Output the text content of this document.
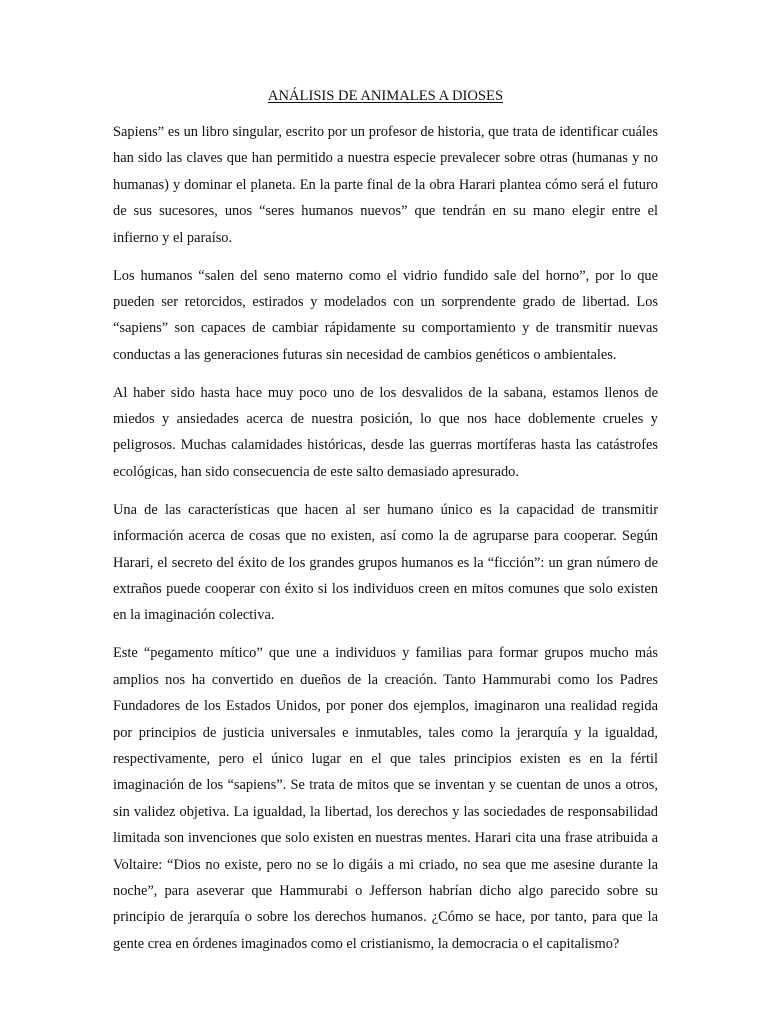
ANÁLISIS DE ANIMALES A DIOSES

Sapiens” es un libro singular, escrito por un profesor de historia, que trata de identificar cuáles han sido las claves que han permitido a nuestra especie prevalecer sobre otras (humanas y no humanas) y dominar el planeta. En la parte final de la obra Harari plantea cómo será el futuro de sus sucesores, unos “seres humanos nuevos” que tendrán en su mano elegir entre el infierno y el paraíso.

Los humanos “salen del seno materno como el vidrio fundido sale del horno”, por lo que pueden ser retorcidos, estirados y modelados con un sorprendente grado de libertad. Los “sapiens” son capaces de cambiar rápidamente su comportamiento y de transmitir nuevas conductas a las generaciones futuras sin necesidad de cambios genéticos o ambientales.

Al haber sido hasta hace muy poco uno de los desvalidos de la sabana, estamos llenos de miedos y ansiedades acerca de nuestra posición, lo que nos hace doblemente crueles y peligrosos. Muchas calamidades históricas, desde las guerras mortíferas hasta las catástrofes ecológicas, han sido consecuencia de este salto demasiado apresurado.

Una de las características que hacen al ser humano único es la capacidad de transmitir información acerca de cosas que no existen, así como la de agruparse para cooperar. Según Harari, el secreto del éxito de los grandes grupos humanos es la “ficción”: un gran número de extraños puede cooperar con éxito si los individuos creen en mitos comunes que solo existen en la imaginación colectiva.

Este “pegamento mítico” que une a individuos y familias para formar grupos mucho más amplios nos ha convertido en dueños de la creación. Tanto Hammurabi como los Padres Fundadores de los Estados Unidos, por poner dos ejemplos, imaginaron una realidad regida por principios de justicia universales e inmutables, tales como la jerarquía y la igualdad, respectivamente, pero el único lugar en el que tales principios existen es en la fértil imaginación de los “sapiens”. Se trata de mitos que se inventan y se cuentan de unos a otros, sin validez objetiva. La igualdad, la libertad, los derechos y las sociedades de responsabilidad limitada son invenciones que solo existen en nuestras mentes. Harari cita una frase atribuida a Voltaire: “Dios no existe, pero no se lo digáis a mi criado, no sea que me asesine durante la noche”, para aseverar que Hammurabi o Jefferson habrían dicho algo parecido sobre su principio de jerarquía o sobre los derechos humanos. ¿Cómo se hace, por tanto, para que la gente crea en órdenes imaginados como el cristianismo, la democracia o el capitalismo?
